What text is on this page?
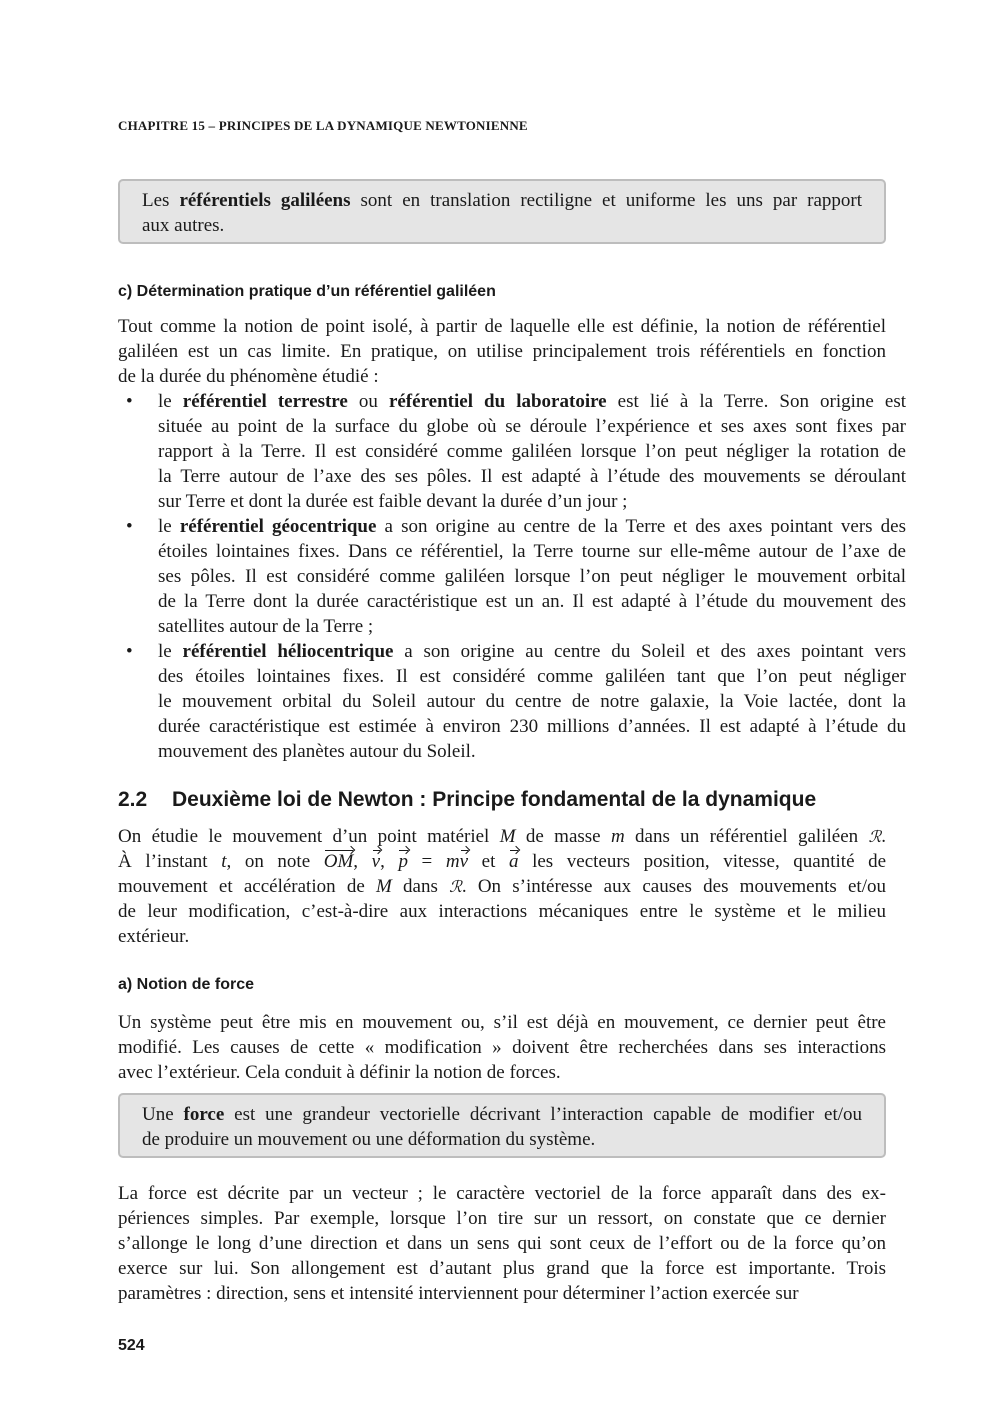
CHAPITRE 15 – PRINCIPES DE LA DYNAMIQUE NEWTONIENNE
Les référentiels galiléens sont en translation rectiligne et uniforme les uns par rapport
aux autres.
c) Détermination pratique d’un référentiel galiléen
Tout comme la notion de point isolé, à partir de laquelle elle est définie, la notion de référentiel
galiléen est un cas limite. En pratique, on utilise principalement trois référentiels en fonction
de la durée du phénomène étudié :
• le référentiel terrestre ou référentiel du laboratoire est lié à la Terre. Son origine est
située au point de la surface du globe où se déroule l’expérience et ses axes sont fixes par
rapport à la Terre. Il est considéré comme galiléen lorsque l’on peut négliger la rotation de
la Terre autour de l’axe des ses pôles. Il est adapté à l’étude des mouvements se déroulant
sur Terre et dont la durée est faible devant la durée d’un jour ;
• le référentiel géocentrique a son origine au centre de la Terre et des axes pointant vers des
étoiles lointaines fixes. Dans ce référentiel, la Terre tourne sur elle-même autour de l’axe de
ses pôles. Il est considéré comme galiléen lorsque l’on peut négliger le mouvement orbital
de la Terre dont la durée caractéristique est un an. Il est adapté à l’étude du mouvement des
satellites autour de la Terre ;
• le référentiel héliocentrique a son origine au centre du Soleil et des axes pointant vers
des étoiles lointaines fixes. Il est considéré comme galiléen tant que l’on peut négliger
le mouvement orbital du Soleil autour du centre de notre galaxie, la Voie lactée, dont la
durée caractéristique est estimée à environ 230 millions d’années. Il est adapté à l’étude du
mouvement des planètes autour du Soleil.
2.2 Deuxième loi de Newton : Principe fondamental de la dynamique
On étudie le mouvement d’un point matériel M de masse m dans un référentiel galiléen ℛ.
À l’instant t, on note OM, v, p = mv et a les vecteurs position, vitesse, quantité de
mouvement et accélération de M dans ℛ. On s’intéresse aux causes des mouvements et/ou
de leur modification, c’est-à-dire aux interactions mécaniques entre le système et le milieu
extérieur.
a) Notion de force
Un système peut être mis en mouvement ou, s’il est déjà en mouvement, ce dernier peut être
modifié. Les causes de cette « modification » doivent être recherchées dans ses interactions
avec l’extérieur. Cela conduit à définir la notion de forces.
Une force est une grandeur vectorielle décrivant l’interaction capable de modifier et/ou
de produire un mouvement ou une déformation du système.
La force est décrite par un vecteur ; le caractère vectoriel de la force apparaît dans des ex-
périences simples. Par exemple, lorsque l’on tire sur un ressort, on constate que ce dernier
s’allonge le long d’une direction et dans un sens qui sont ceux de l’effort ou de la force qu’on
exerce sur lui. Son allongement est d’autant plus grand que la force est importante. Trois
paramètres : direction, sens et intensité interviennent pour déterminer l’action exercée sur
524
